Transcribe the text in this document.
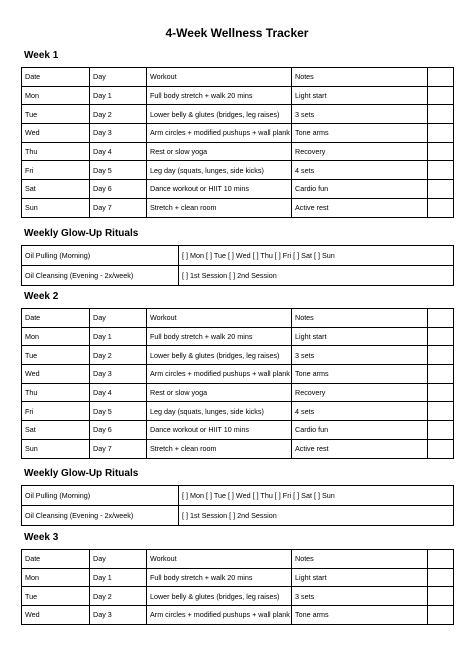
4-Week Wellness Tracker
Week 1
Date	Day	Workout	Notes	
Mon	Day 1	Full body stretch + walk 20 mins	Light start	
Tue	Day 2	Lower belly & glutes (bridges, leg raises)	3 sets	
Wed	Day 3	Arm circles + modified pushups + wall plank	Tone arms	
Thu	Day 4	Rest or slow yoga	Recovery	
Fri	Day 5	Leg day (squats, lunges, side kicks)	4 sets	
Sat	Day 6	Dance workout or HIIT 10 mins	Cardio fun	
Sun	Day 7	Stretch + clean room	Active rest	
Weekly Glow-Up Rituals
Oil Pulling (Morning)	[ ] Mon [ ] Tue [ ] Wed [ ] Thu [ ] Fri [ ] Sat [ ] Sun
Oil Cleansing (Evening - 2x/week)	[ ] 1st Session [ ] 2nd Session
Week 2
Date	Day	Workout	Notes	
Mon	Day 1	Full body stretch + walk 20 mins	Light start	
Tue	Day 2	Lower belly & glutes (bridges, leg raises)	3 sets	
Wed	Day 3	Arm circles + modified pushups + wall plank	Tone arms	
Thu	Day 4	Rest or slow yoga	Recovery	
Fri	Day 5	Leg day (squats, lunges, side kicks)	4 sets	
Sat	Day 6	Dance workout or HIIT 10 mins	Cardio fun	
Sun	Day 7	Stretch + clean room	Active rest	
Weekly Glow-Up Rituals
Oil Pulling (Morning)	[ ] Mon [ ] Tue [ ] Wed [ ] Thu [ ] Fri [ ] Sat [ ] Sun
Oil Cleansing (Evening - 2x/week)	[ ] 1st Session [ ] 2nd Session
Week 3
Date	Day	Workout	Notes	
Mon	Day 1	Full body stretch + walk 20 mins	Light start	
Tue	Day 2	Lower belly & glutes (bridges, leg raises)	3 sets	
Wed	Day 3	Arm circles + modified pushups + wall plank	Tone arms	
